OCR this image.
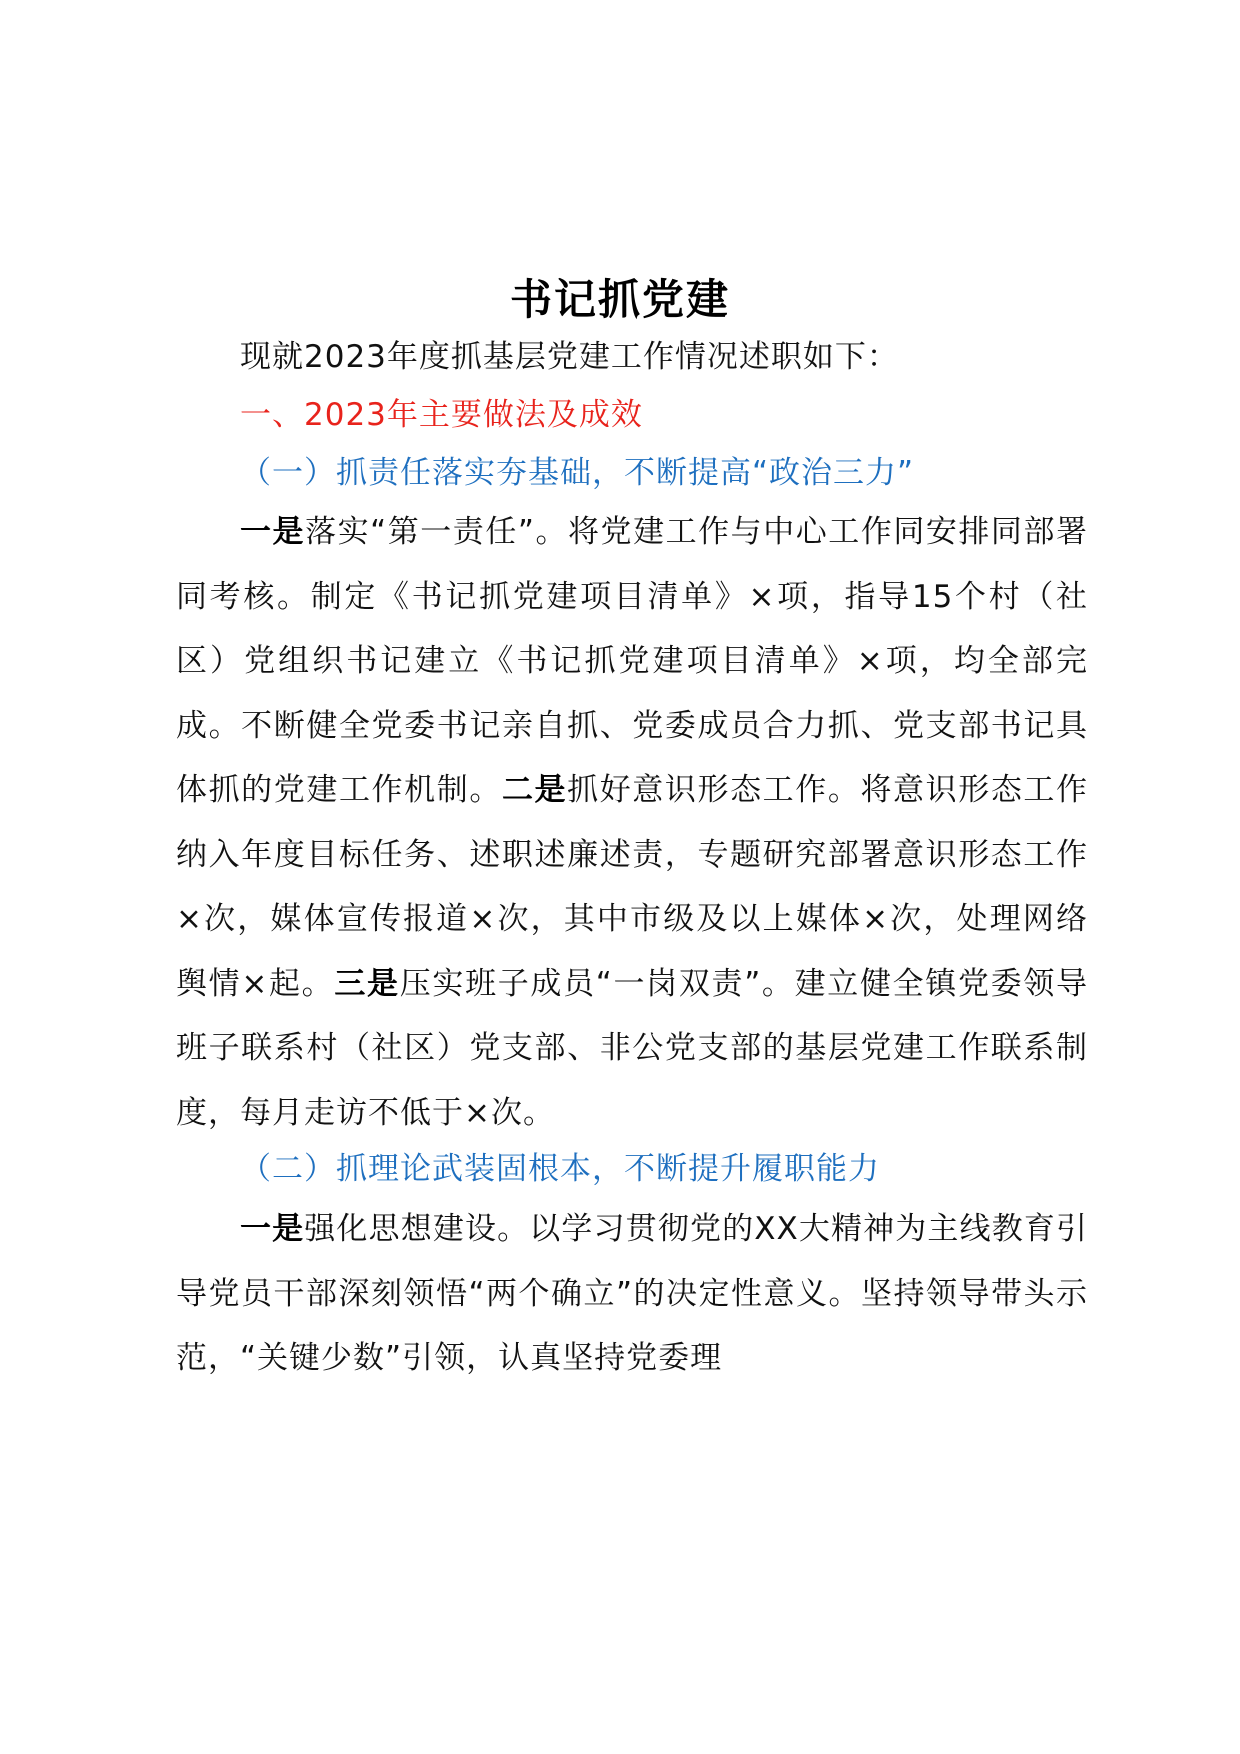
书记抓党建
现就2023年度抓基层党建工作情况述职如下：
一、2023年主要做法及成效
（一）抓责任落实夯基础，不断提高“政治三力”
一是落实“第一责任”。将党建工作与中心工作同安排同部署同考核。制定《书记抓党建项目清单》×项，指导15个村（社区）党组织书记建立《书记抓党建项目清单》×项，均全部完成。不断健全党委书记亲自抓、党委成员合力抓、党支部书记具体抓的党建工作机制。二是抓好意识形态工作。将意识形态工作纳入年度目标任务、述职述廉述责，专题研究部署意识形态工作×次，媒体宣传报道×次，其中市级及以上媒体×次，处理网络舆情×起。三是压实班子成员“一岗双责”。建立健全镇党委领导班子联系村（社区）党支部、非公党支部的基层党建工作联系制度，每月走访不低于×次。
（二）抓理论武装固根本，不断提升履职能力
一是强化思想建设。以学习贯彻党的XX大精神为主线教育引导党员干部深刻领悟“两个确立”的决定性意义。坚持领导带头示范，“关键少数”引领，认真坚持党委理
